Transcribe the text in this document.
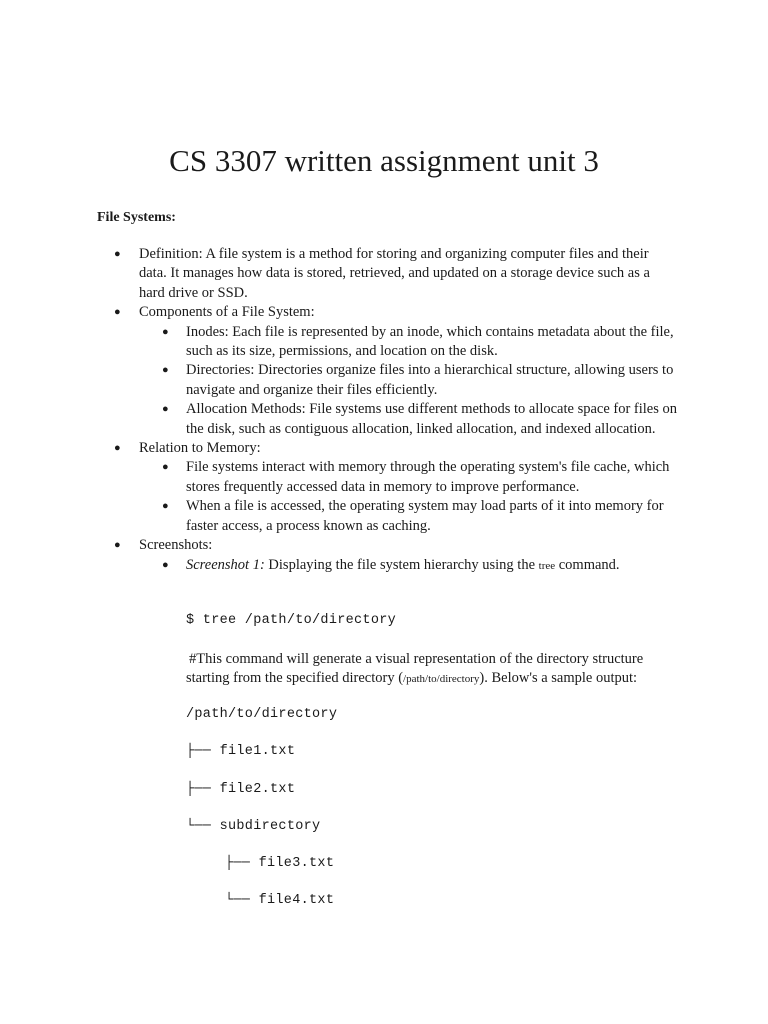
CS 3307 written assignment unit 3

File Systems:

● Definition: A file system is a method for storing and organizing computer files and their data. It manages how data is stored, retrieved, and updated on a storage device such as a hard drive or SSD.

● Components of a File System:

● Inodes: Each file is represented by an inode, which contains metadata about the file, such as its size, permissions, and location on the disk.

● Directories: Directories organize files into a hierarchical structure, allowing users to navigate and organize their files efficiently.

● Allocation Methods: File systems use different methods to allocate space for files on the disk, such as contiguous allocation, linked allocation, and indexed allocation.

● Relation to Memory:

● File systems interact with memory through the operating system's file cache, which stores frequently accessed data in memory to improve performance.

● When a file is accessed, the operating system may load parts of it into memory for faster access, a process known as caching.

● Screenshots:

● Screenshot 1: Displaying the file system hierarchy using the tree command.

$ tree /path/to/directory

#This command will generate a visual representation of the directory structure starting from the specified directory (/path/to/directory). Below's a sample output:

/path/to/directory
├── file1.txt
├── file2.txt
└── subdirectory
├── file3.txt
└── file4.txt
